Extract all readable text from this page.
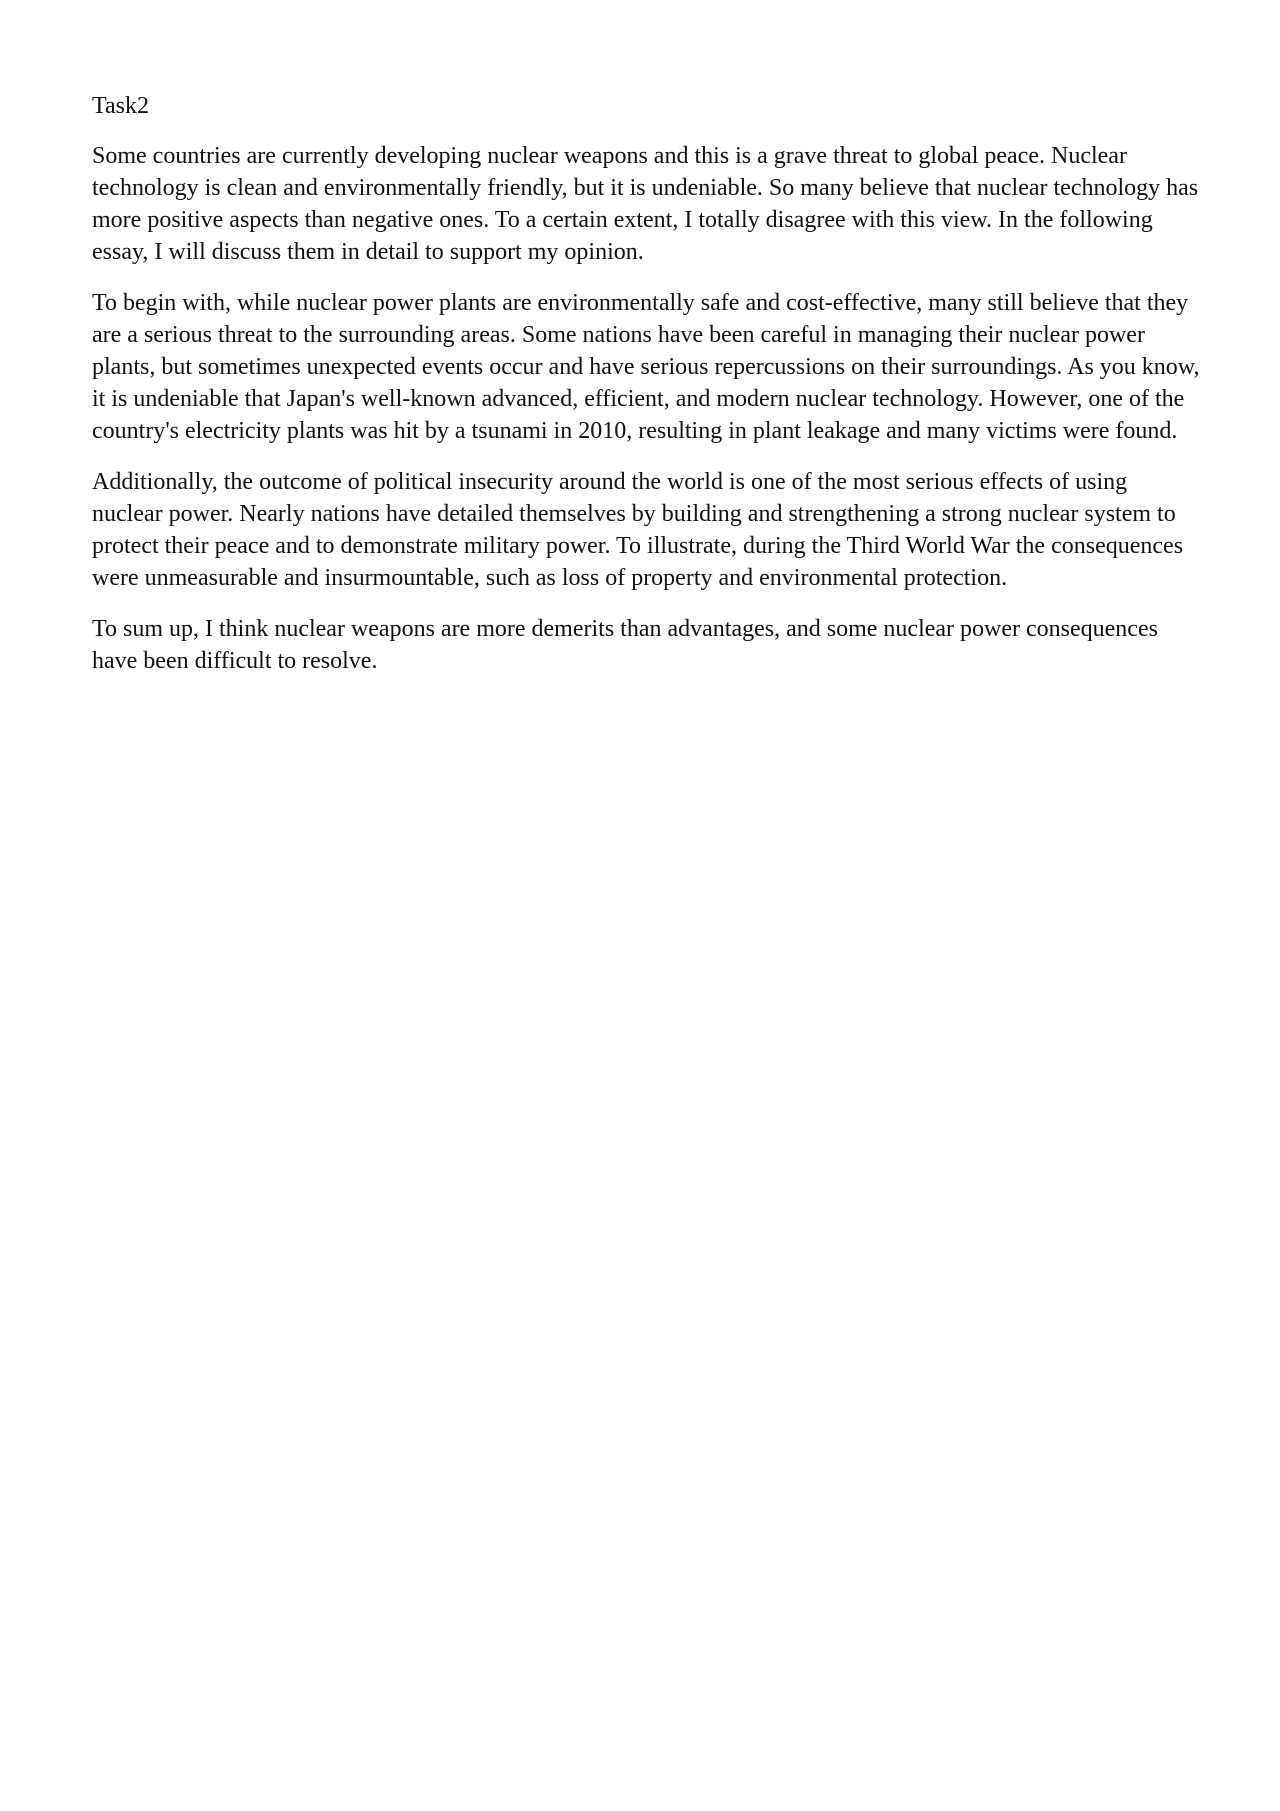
Task2

Some countries are currently developing nuclear weapons and this is a grave threat to global peace. Nuclear technology is clean and environmentally friendly, but it is undeniable. So many believe that nuclear technology has more positive aspects than negative ones. To a certain extent, I totally disagree with this view. In the following essay, I will discuss them in detail to support my opinion.

To begin with, while nuclear power plants are environmentally safe and cost-effective, many still believe that they are a serious threat to the surrounding areas. Some nations have been careful in managing their nuclear power plants, but sometimes unexpected events occur and have serious repercussions on their surroundings. As you know, it is undeniable that Japan's well-known advanced, efficient, and modern nuclear technology. However, one of the country's electricity plants was hit by a tsunami in 2010, resulting in plant leakage and many victims were found.

Additionally, the outcome of political insecurity around the world is one of the most serious effects of using nuclear power. Nearly nations have detailed themselves by building and strengthening a strong nuclear system to protect their peace and to demonstrate military power. To illustrate, during the Third World War the consequences were unmeasurable and insurmountable, such as loss of property and environmental protection.

To sum up, I think nuclear weapons are more demerits than advantages, and some nuclear power consequences have been difficult to resolve.
